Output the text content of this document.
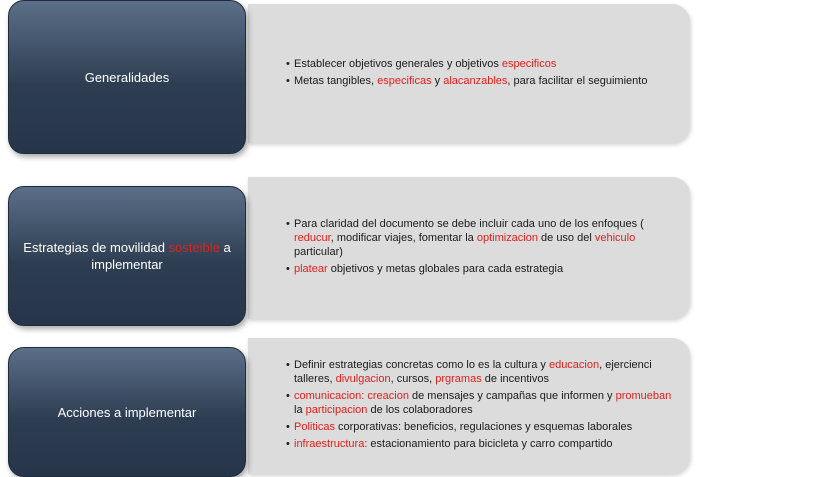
Generalidades
• Establecer objetivos generales y objetivos especificos
• Metas tangibles, especificas y alacanzables, para facilitar el seguimiento
Estrategias de movilidad sosteible a implementar
• Para claridad del documento se debe incluir cada uno de los enfoques ( reducur, modificar viajes, fomentar la optimizacion de uso del vehiculo particular)
• platear objetivos y metas globales para cada estrategia
Acciones a implementar
• Definir estrategias concretas como lo es la cultura y educacion, ejercienci talleres, divulgacion, cursos, prgramas de incentivos
• comunicacion: creacion de mensajes y campañas que informen y promueban la participacion de los colaboradores
• Politicas corporativas: beneficios, regulaciones y esquemas laborales
• infraestructura: estacionamiento para bicicleta y carro compartido
